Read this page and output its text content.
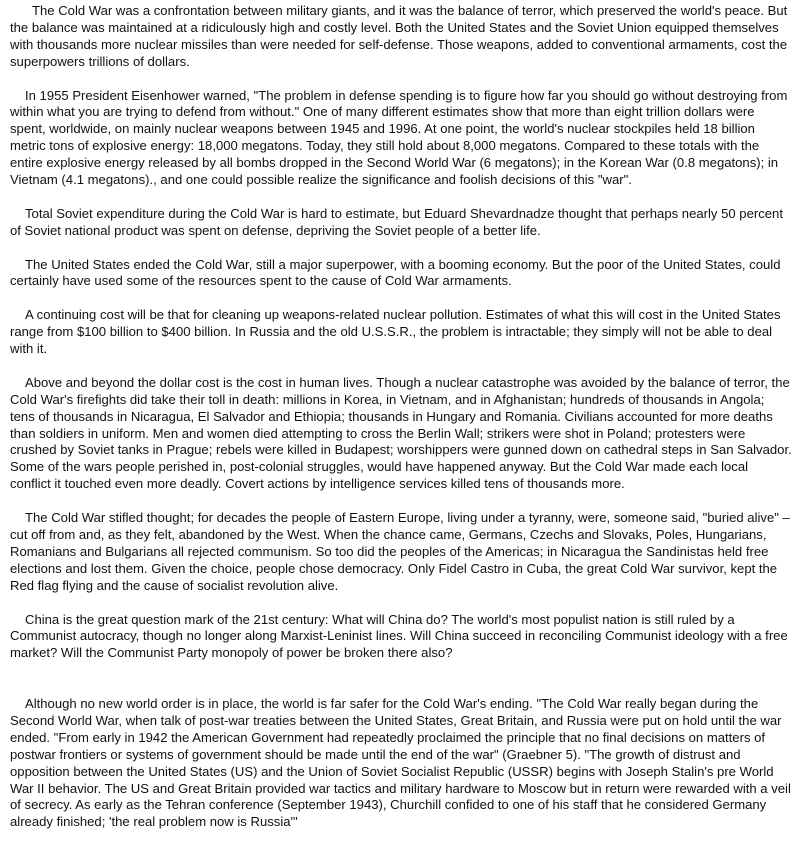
The Cold War was a confrontation between military giants, and it was the balance of terror, which preserved the world's peace. But the balance was maintained at a ridiculously high and costly level. Both the United States and the Soviet Union equipped themselves with thousands more nuclear missiles than were needed for self-defense. Those weapons, added to conventional armaments, cost the superpowers trillions of dollars.

In 1955 President Eisenhower warned, "The problem in defense spending is to figure how far you should go without destroying from within what you are trying to defend from without." One of many different estimates show that more than eight trillion dollars were spent, worldwide, on mainly nuclear weapons between 1945 and 1996. At one point, the world's nuclear stockpiles held 18 billion metric tons of explosive energy: 18,000 megatons. Today, they still hold about 8,000 megatons. Compared to these totals with the entire explosive energy released by all bombs dropped in the Second World War (6 megatons); in the Korean War (0.8 megatons); in Vietnam (4.1 megatons)., and one could possible realize the significance and foolish decisions of this "war".

Total Soviet expenditure during the Cold War is hard to estimate, but Eduard Shevardnadze thought that perhaps nearly 50 percent of Soviet national product was spent on defense, depriving the Soviet people of a better life.

The United States ended the Cold War, still a major superpower, with a booming economy. But the poor of the United States, could certainly have used some of the resources spent to the cause of Cold War armaments.

A continuing cost will be that for cleaning up weapons-related nuclear pollution. Estimates of what this will cost in the United States range from $100 billion to $400 billion. In Russia and the old U.S.S.R., the problem is intractable; they simply will not be able to deal with it.

Above and beyond the dollar cost is the cost in human lives. Though a nuclear catastrophe was avoided by the balance of terror, the Cold War's firefights did take their toll in death: millions in Korea, in Vietnam, and in Afghanistan; hundreds of thousands in Angola; tens of thousands in Nicaragua, El Salvador and Ethiopia; thousands in Hungary and Romania. Civilians accounted for more deaths than soldiers in uniform. Men and women died attempting to cross the Berlin Wall; strikers were shot in Poland; protesters were crushed by Soviet tanks in Prague; rebels were killed in Budapest; worshippers were gunned down on cathedral steps in San Salvador. Some of the wars people perished in, post-colonial struggles, would have happened anyway. But the Cold War made each local conflict it touched even more deadly. Covert actions by intelligence services killed tens of thousands more.

The Cold War stifled thought; for decades the people of Eastern Europe, living under a tyranny, were, someone said, "buried alive" – cut off from and, as they felt, abandoned by the West. When the chance came, Germans, Czechs and Slovaks, Poles, Hungarians, Romanians and Bulgarians all rejected communism. So too did the peoples of the Americas; in Nicaragua the Sandinistas held free elections and lost them. Given the choice, people chose democracy. Only Fidel Castro in Cuba, the great Cold War survivor, kept the Red flag flying and the cause of socialist revolution alive.

China is the great question mark of the 21st century: What will China do? The world's most populist nation is still ruled by a Communist autocracy, though no longer along Marxist-Leninist lines. Will China succeed in reconciling Communist ideology with a free market? Will the Communist Party monopoly of power be broken there also?

Although no new world order is in place, the world is far safer for the Cold War's ending. "The Cold War really began during the Second World War, when talk of post-war treaties between the United States, Great Britain, and Russia were put on hold until the war ended. "From early in 1942 the American Government had repeatedly proclaimed the principle that no final decisions on matters of postwar frontiers or systems of government should be made until the end of the war" (Graebner 5). "The growth of distrust and opposition between the United States (US) and the Union of Soviet Socialist Republic (USSR) begins with Joseph Stalin's pre World War II behavior. The US and Great Britain provided war tactics and military hardware to Moscow but in return were rewarded with a veil of secrecy. As early as the Tehran conference (September 1943), Churchill confided to one of his staff that he considered Germany already finished; 'the real problem now is Russia'"
